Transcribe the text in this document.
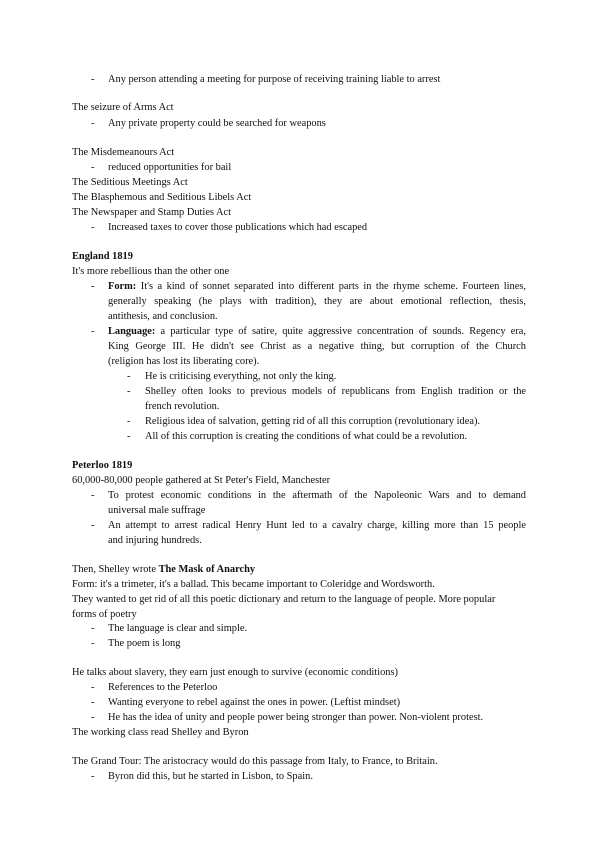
- Any person attending a meeting for purpose of receiving training liable to arrest
The seizure of Arms Act
- Any private property could be searched for weapons
The Misdemeanours Act
- reduced opportunities for bail
The Seditious Meetings Act
The Blasphemous and Seditious Libels Act
The Newspaper and Stamp Duties Act
- Increased taxes to cover those publications which had escaped
England 1819
It's more rebellious than the other one
- Form: It's a kind of sonnet separated into different parts in the rhyme scheme. Fourteen lines,
generally speaking (he plays with tradition), they are about emotional reflection, thesis,
antithesis, and conclusion.
- Language: a particular type of satire, quite aggressive concentration of sounds. Regency era,
King George III. He didn't see Christ as a negative thing, but corruption of the Church
(religion has lost its liberating core).
- He is criticising everything, not only the king.
- Shelley often looks to previous models of republicans from English tradition or the
french revolution.
- Religious idea of salvation, getting rid of all this corruption (revolutionary idea).
- All of this corruption is creating the conditions of what could be a revolution.
Peterloo 1819
60,000-80,000 people gathered at St Peter's Field, Manchester
- To protest economic conditions in the aftermath of the Napoleonic Wars and to demand
universal male suffrage
- An attempt to arrest radical Henry Hunt led to a cavalry charge, killing more than 15 people
and injuring hundreds.
Then, Shelley wrote The Mask of Anarchy
Form: it's a trimeter, it's a ballad. This became important to Coleridge and Wordsworth.
They wanted to get rid of all this poetic dictionary and return to the language of people. More popular
forms of poetry
- The language is clear and simple.
- The poem is long
He talks about slavery, they earn just enough to survive (economic conditions)
- References to the Peterloo
- Wanting everyone to rebel against the ones in power. (Leftist mindset)
- He has the idea of unity and people power being stronger than power. Non-violent protest.
The working class read Shelley and Byron
The Grand Tour: The aristocracy would do this passage from Italy, to France, to Britain.
- Byron did this, but he started in Lisbon, to Spain.
